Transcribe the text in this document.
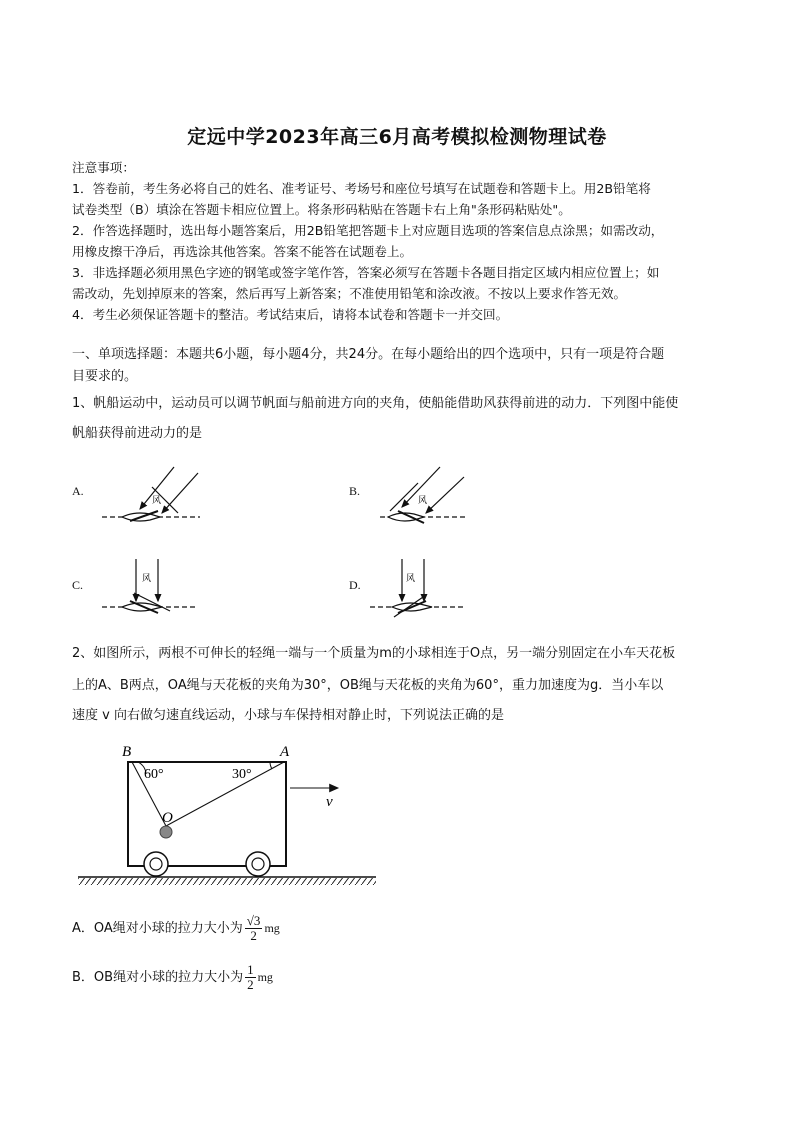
定远中学2023年高三6月高考模拟检测物理试卷
注意事项：
1．答卷前，考生务必将自己的姓名、准考证号、考场号和座位号填写在试题卷和答题卡上。用2B铅笔将
试卷类型（B）填涂在答题卡相应位置上。将条形码粘贴在答题卡右上角"条形码粘贴处"。
2．作答选择题时，选出每小题答案后，用2B铅笔把答题卡上对应题目选项的答案信息点涂黑；如需改动，
用橡皮擦干净后，再选涂其他答案。答案不能答在试题卷上。
3．非选择题必须用黑色字迹的钢笔或签字笔作答，答案必须写在答题卡各题目指定区域内相应位置上；如
需改动，先划掉原来的答案，然后再写上新答案；不准使用铅笔和涂改液。不按以上要求作答无效。
4．考生必须保证答题卡的整洁。考试结束后，请将本试卷和答题卡一并交回。
一、单项选择题：本题共6小题，每小题4分，共24分。在每小题给出的四个选项中，只有一项是符合题
目要求的。
1、帆船运动中，运动员可以调节帆面与船前进方向的夹角，使船能借助风获得前进的动力．下列图中能使
帆船获得前进动力的是
A.	B.
C.	D.
风	风
风	风
2、如图所示，两根不可伸长的轻绳一端与一个质量为m的小球相连于O点，另一端分别固定在小车天花板
上的A、B两点，OA绳与天花板的夹角为30°，OB绳与天花板的夹角为60°，重力加速度为g．当小车以
速度 v 向右做匀速直线运动，小球与车保持相对静止时，下列说法正确的是
B	A
60°	30°
O
v
A．OA绳对小球的拉力大小为 $\frac{√3}{2}$ mg
B．OB绳对小球的拉力大小为 $\frac{1}{2}$ mg
